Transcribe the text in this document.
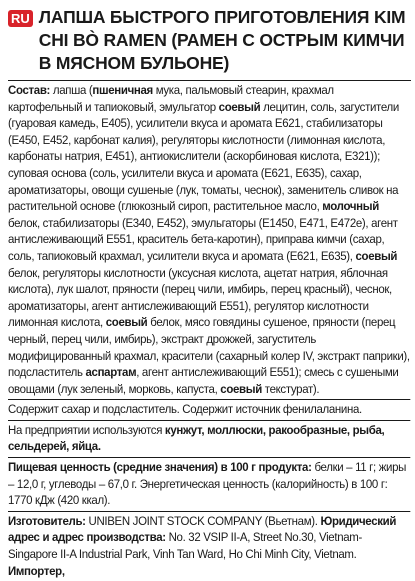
RU ЛАПША БЫСТРОГО ПРИГОТОВЛЕНИЯ KIM CHI BÒ RAMEN (РАМЕН С ОСТРЫМ КИМЧИ В МЯСНОМ БУЛЬОНЕ)

Состав: лапша (пшеничная мука, пальмовый стеарин, крахмал картофельный и тапиоковый, эмульгатор соевый лецитин, соль, загустители (гуаровая камедь, E405), усилители вкуса и аромата E621, стабилизаторы (E450, E452, карбонат калия), регуляторы кислотности (лимонная кислота, карбонаты натрия, E451), антиокислители (аскорбиновая кислота, E321)); суповая основа (соль, усилители вкуса и аромата (E621, E635), сахар, ароматизаторы, овощи сушеные (лук, томаты, чеснок), заменитель сливок на растительной основе (глюкозный сироп, растительное масло, молочный белок, стабилизаторы (E340, E452), эмульгаторы (E1450, E471, E472e), агент антислеживающий E551, краситель бета-каротин), приправа кимчи (сахар, соль, тапиоковый крахмал, усилители вкуса и аромата (E621, E635), соевый белок, регуляторы кислотности (уксусная кислота, ацетат натрия, яблочная кислота), лук шалот, пряности (перец чили, имбирь, перец красный), чеснок, ароматизаторы, агент антислеживающий E551), регулятор кислотности лимонная кислота, соевый белок, мясо говядины сушеное, пряности (перец черный, перец чили, имбирь), экстракт дрожжей, загуститель модифицированный крахмал, красители (сахарный колер IV, экстракт паприки), подсластитель аспартам, агент антислеживающий E551); смесь с сушеными овощами (лук зеленый, морковь, капуста, соевый текстурат).

Содержит сахар и подсластитель. Содержит источник фенилаланина.

На предприятии используются кунжут, моллюски, ракообразные, рыба, сельдерей, яйца.

Пищевая ценность (средние значения) в 100 г продукта: белки – 11 г; жиры – 12,0 г, углеводы – 67,0 г. Энергетическая ценность (калорийность) в 100 г: 1770 кДж (420 ккал).

Изготовитель: UNIBEN JOINT STOCK COMPANY (Вьетнам). Юридический адрес и адрес производства: No. 32 VSIP II-A, Street No.30, Vietnam-Singapore II-A Industrial Park, Vinh Tan Ward, Ho Chi Minh City, Vietnam. Импортер,
